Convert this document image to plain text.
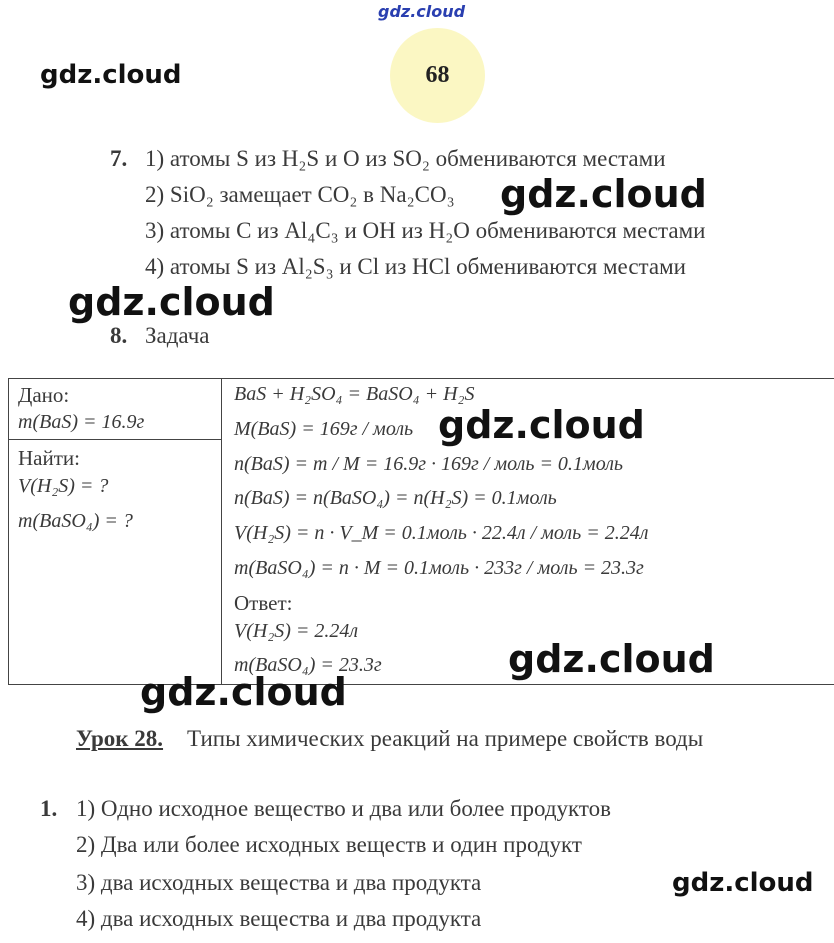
gdz.cloud
68
gdz.cloud
7. 1) атомы S из H₂S и O из SO₂ обмениваются местами
2) SiO₂ замещает CO₂ в Na₂CO₃ gdz.cloud
3) атомы C из Al₄C₃ и OH из H₂O обмениваются местами
4) атомы S из Al₂S₃ и Cl из HCl обмениваются местами
gdz.cloud
8. Задача
Дано:
m(BaS) = 16.9г
Найти:
V(H₂S) = ?
m(BaSO₄) = ?
BaS + H₂SO₄ = BaSO₄ + H₂S
M(BaS) = 169г / моль gdz.cloud
n(BaS) = m / M = 16.9г · 169г / моль = 0.1моль
n(BaS) = n(BaSO₄) = n(H₂S) = 0.1моль
V(H₂S) = n · V_M = 0.1моль · 22.4л / моль = 2.24л
m(BaSO₄) = n · M = 0.1моль · 233г / моль = 23.3г
Ответ:
V(H₂S) = 2.24л
m(BaSO₄) = 23.3г	gdz.cloud
gdz.cloud
Урок 28. Типы химических реакций на примере свойств воды
1. 1) Одно исходное вещество и два или более продуктов
2) Два или более исходных веществ и один продукт
3) два исходных вещества и два продукта	gdz.cloud
4) два исходных вещества и два продукта
